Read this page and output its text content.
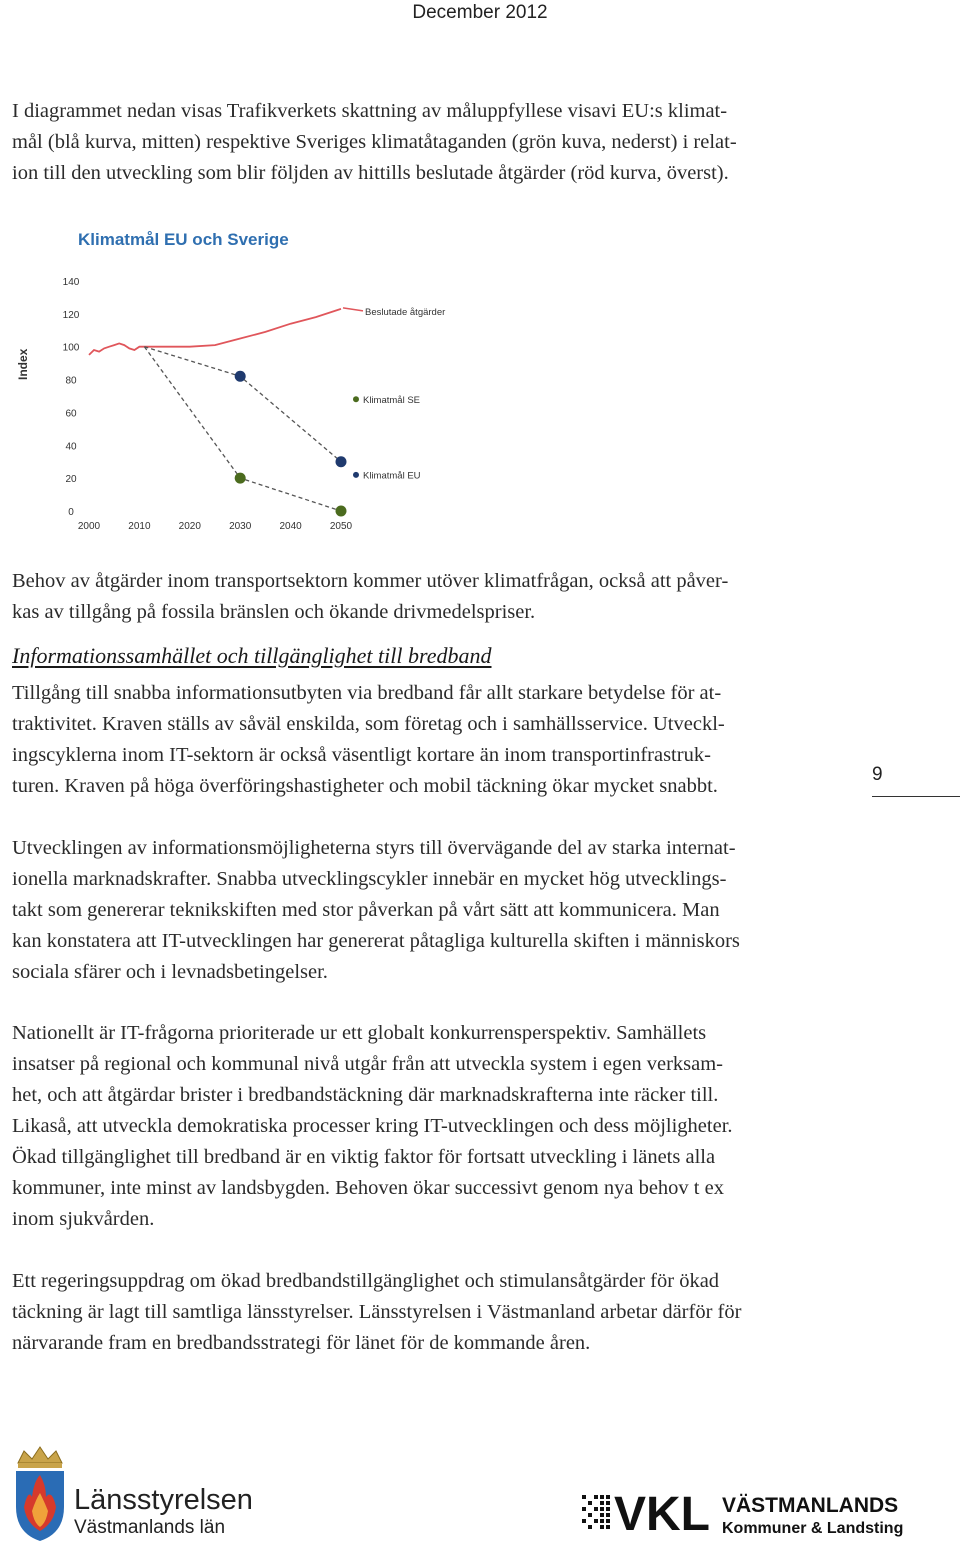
December 2012
I diagrammet nedan visas Trafikverkets skattning av måluppfyllese visavi EU:s klimat-
mål (blå kurva, mitten) respektive Sveriges klimatåtaganden (grön kuva, nederst) i relat-
ion till den utveckling som blir följden av hittills beslutade åtgärder (röd kurva, överst).
Klimatmål EU och Sverige
Index
0
20
40
60
80
100
120
140
2000	2010	2020	2030	2040	2050
Beslutade åtgärder
Klimatmål SE
Klimatmål EU
Behov av åtgärder inom transportsektorn kommer utöver klimatfrågan, också att påver-
kas av tillgång på fossila bränslen och ökande drivmedelspriser.
Informationssamhället och tillgänglighet till bredband
Tillgång till snabba informationsutbyten via bredband får allt starkare betydelse för at-
traktivitet. Kraven ställs av såväl enskilda, som företag och i samhällsservice. Utveckl-
ingscyklerna inom IT-sektorn är också väsentligt kortare än inom transportinfrastruk-
turen. Kraven på höga överföringshastigheter och mobil täckning ökar mycket snabbt.
9
Utvecklingen av informationsmöjligheterna styrs till övervägande del av starka internat-
ionella marknadskrafter. Snabba utvecklingscykler innebär en mycket hög utvecklings-
takt som genererar teknikskiften med stor påverkan på vårt sätt att kommunicera. Man
kan konstatera att IT-utvecklingen har genererat påtagliga kulturella skiften i människors
sociala sfärer och i levnadsbetingelser.
Nationellt är IT-frågorna prioriterade ur ett globalt konkurrensperspektiv. Samhällets
insatser på regional och kommunal nivå utgår från att utveckla system i egen verksam-
het, och att åtgärdar brister i bredbandstäckning där marknadskrafterna inte räcker till.
Likaså, att utveckla demokratiska processer kring IT-utvecklingen och dess möjligheter.
Ökad tillgänglighet till bredband är en viktig faktor för fortsatt utveckling i länets alla
kommuner, inte minst av landsbygden. Behoven ökar successivt genom nya behov t ex
inom sjukvården.
Ett regeringsuppdrag om ökad bredbandstillgänglighet och stimulansåtgärder för ökad
täckning är lagt till samtliga länsstyrelser. Länsstyrelsen i Västmanland arbetar därför för
närvarande fram en bredbandsstrategi för länet för de kommande åren.
Länsstyrelsen
Västmanlands län	VKL VÄSTMANLANDS
Kommuner & Landsting
